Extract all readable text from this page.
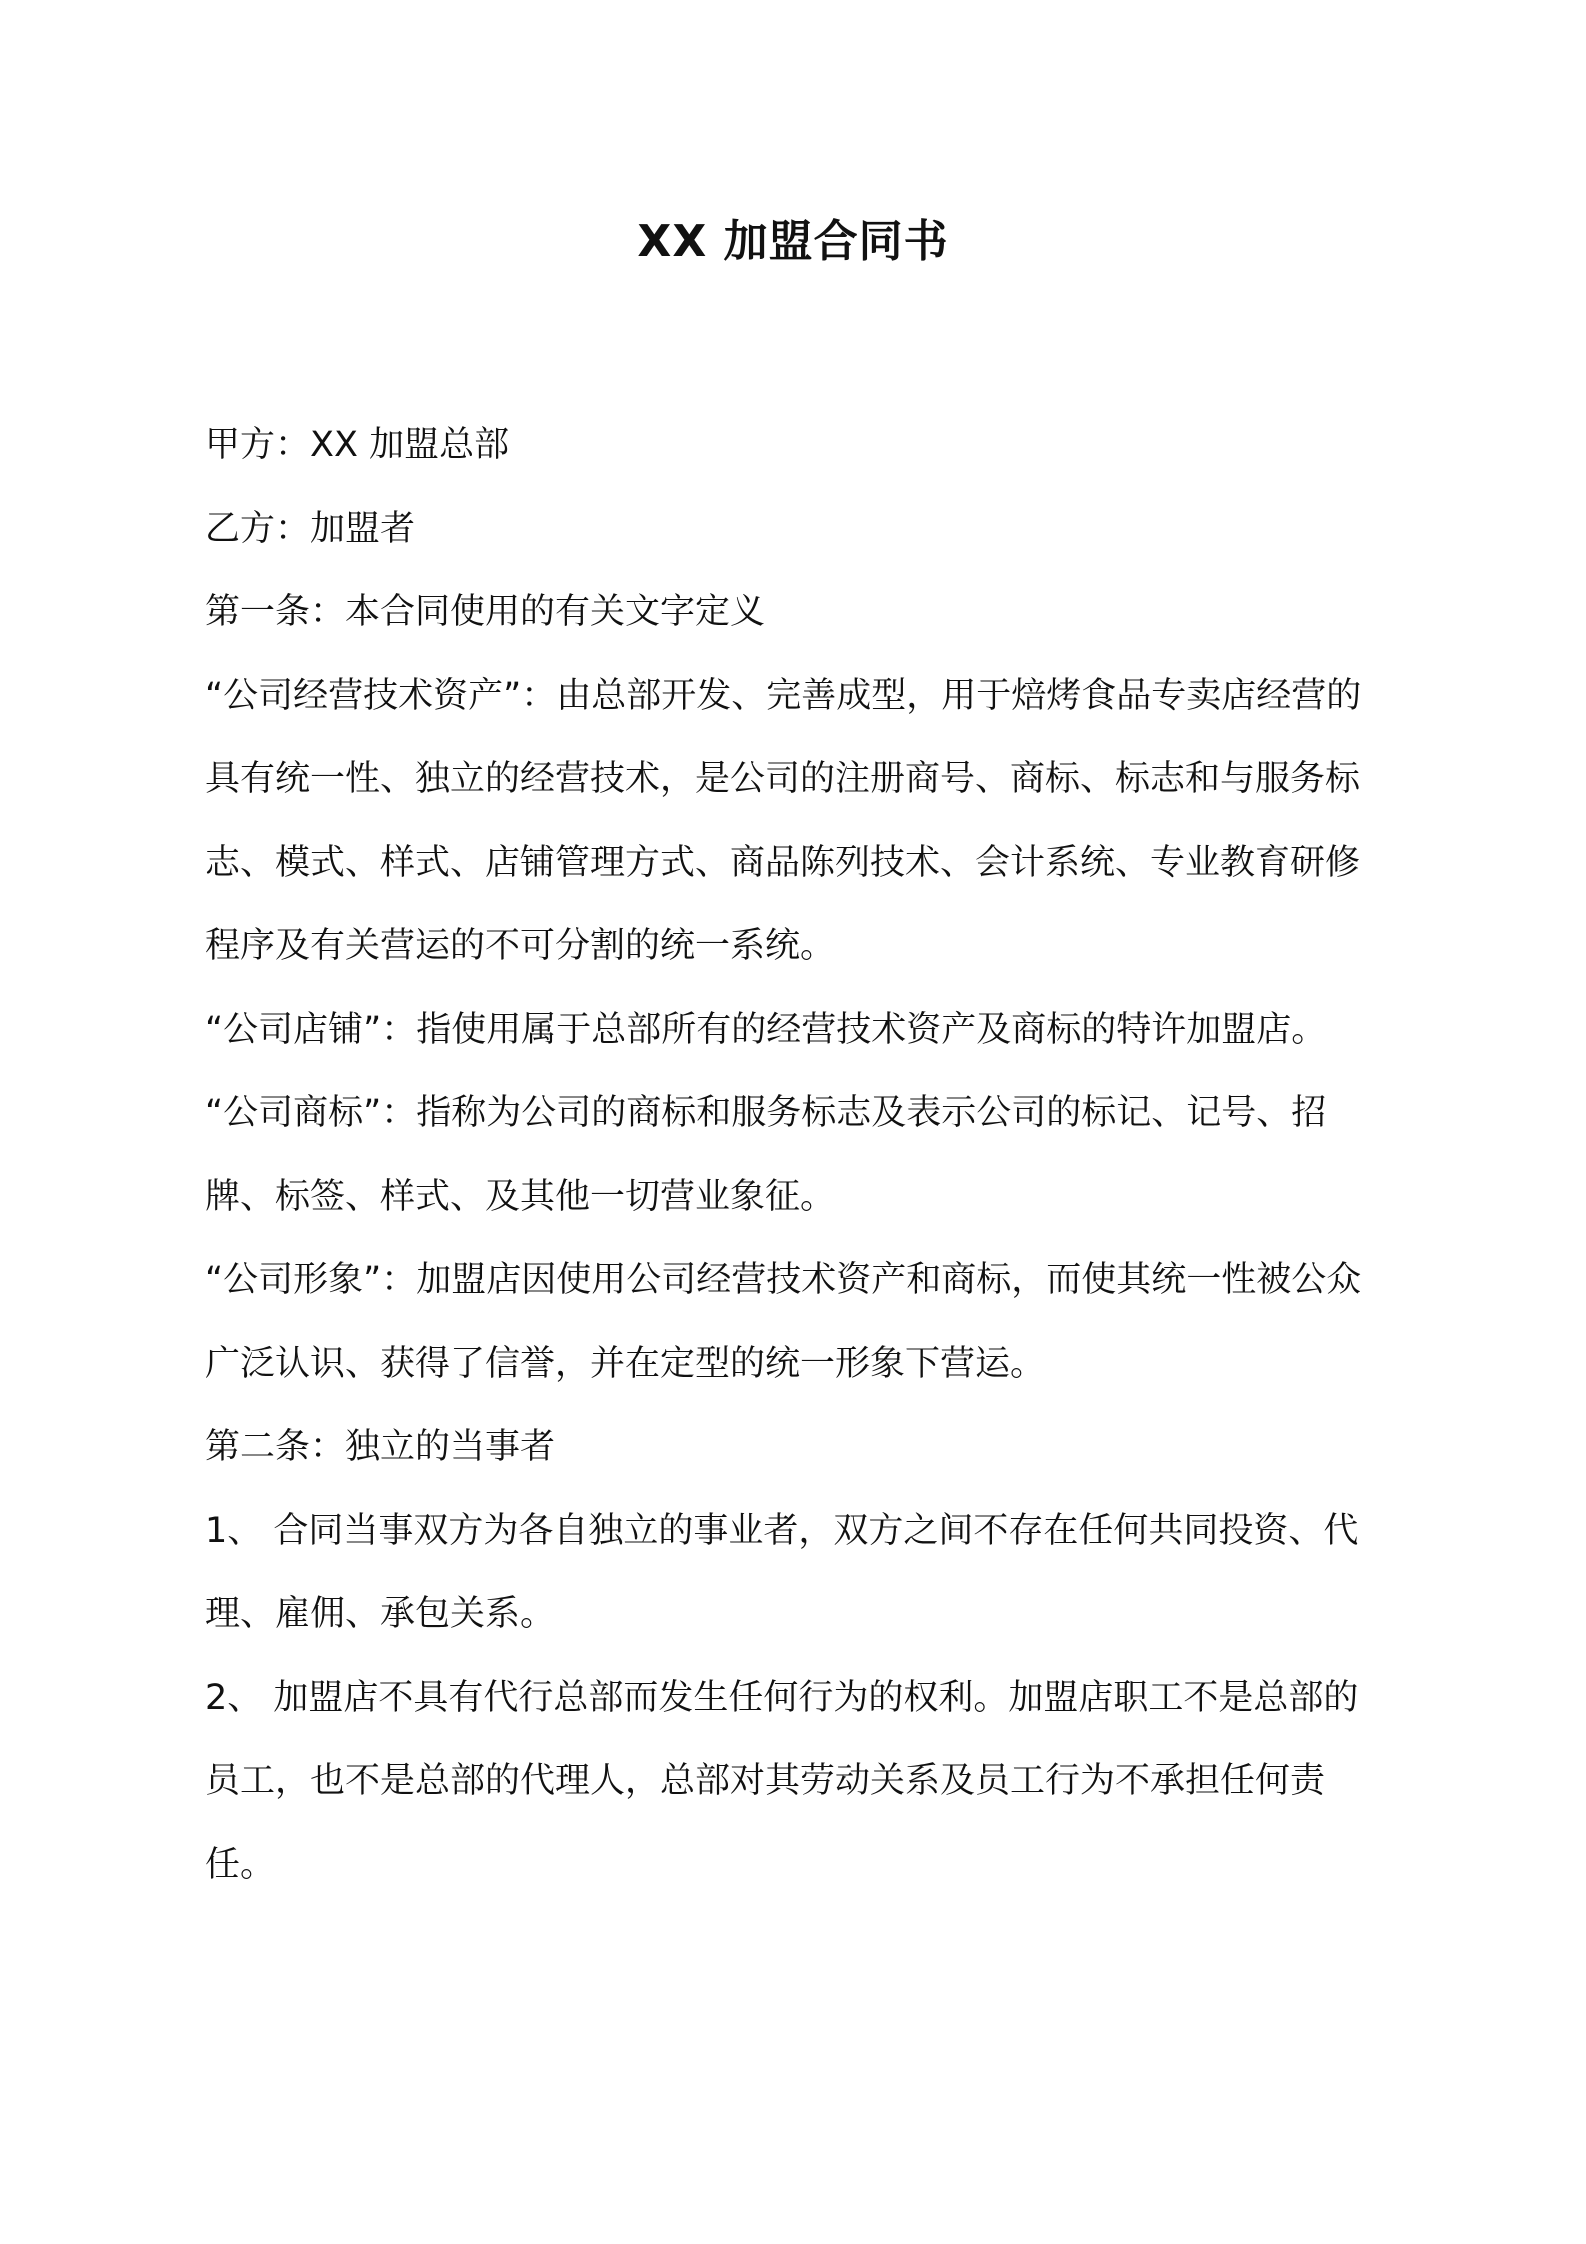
XX 加盟合同书

甲方：XX 加盟总部

乙方：加盟者

第一条：本合同使用的有关文字定义

“公司经营技术资产”：由总部开发、完善成型，用于焙烤食品专卖店经营的具有统一性、独立的经营技术，是公司的注册商号、商标、标志和与服务标志、模式、样式、店铺管理方式、商品陈列技术、会计系统、专业教育研修程序及有关营运的不可分割的统一系统。

“公司店铺”：指使用属于总部所有的经营技术资产及商标的特许加盟店。

“公司商标”：指称为公司的商标和服务标志及表示公司的标记、记号、招牌、标签、样式、及其他一切营业象征。

“公司形象”：加盟店因使用公司经营技术资产和商标，而使其统一性被公众广泛认识、获得了信誉，并在定型的统一形象下营运。

第二条：独立的当事者

1、 合同当事双方为各自独立的事业者，双方之间不存在任何共同投资、代理、雇佣、承包关系。

2、 加盟店不具有代行总部而发生任何行为的权利。加盟店职工不是总部的员工，也不是总部的代理人，总部对其劳动关系及员工行为不承担任何责任。
